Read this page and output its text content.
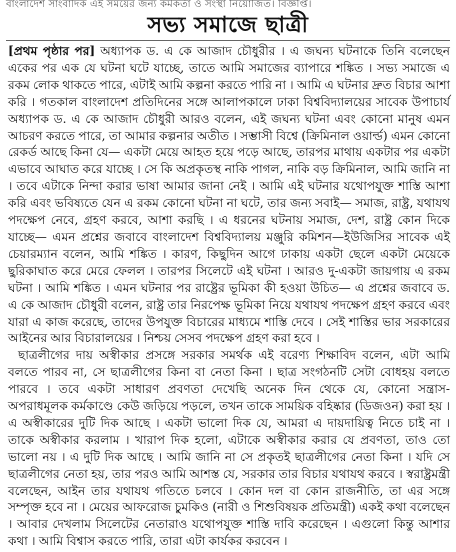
বাংলাদেশ সাংবাদিক এই সময়ের জন্য কর্মকর্তা ও সংস্থা নিয়োজিত। বিজ্ঞপ্তি।
সভ্য সমাজে ছাত্রী

[প্রথম পৃষ্ঠার পর] অধ্যাপক ড. এ কে আজাদ চৌধুরীর । এ জঘন্য ঘটনাকে তিনি বলেছেন একের পর এক যে ঘটনা ঘটে যাচ্ছে, তাতে আমি সমাজের ব্যাপারে শঙ্কিত । সভ্য সমাজে এ রকম লোক থাকতে পারে, এটাই আমি কল্পনা করতে পারি না । আমি এ ঘটনার দ্রুত বিচার আশা করি । গতকাল বাংলাদেশ প্রতিদিনের সঙ্গে আলাপকালে ঢাকা বিশ্ববিদ্যালয়ের সাবেক উপাচার্য অধ্যাপক ড. এ কে আজাদ চৌধুরী আরও বলেন, এই জঘন্য ঘটনা এবং কোনো মানুষ এমন আচরণ করতে পারে, তা আমার কল্পনার অতীত । সম্ভাসী বিশ্বে (ক্রিমিনাল ওয়ার্ল্ড) এমন কোনো রেকর্ড আছে কিনা যে— একটা মেয়ে আহত হয়ে পড়ে আছে, তারপর মাথায় একটার পর একটা এভাবে আঘাত করে যাচ্ছে । সে কি অপ্রকৃতস্থ নাকি পাগল, নাকি বড় ক্রিমিনাল, আমি জানি না । তবে এটাকে নিন্দা করার ভাষা আমার জানা নেই । আমি এই ঘটনার যথোপযুক্ত শাস্তি আশা করি এবং ভবিষ্যতে যেন এ রকম কোনো ঘটনা না ঘটে, তার জন্য সবাই— সমাজ, রাষ্ট্র, যথাযথ পদক্ষেপ নেবে, গ্রহণ করবে, আশা করছি । এ ধরনের ঘটনায় সমাজ, দেশ, রাষ্ট্র কোন দিকে যাচ্ছে— এমন প্রশ্নের জবাবে বাংলাদেশ বিশ্ববিদ্যালয় মঞ্জুরি কমিশন—ইউজিসির সাবেক এই চেয়ারম্যান বলেন, আমি শঙ্কিত । কারণ, কিছুদিন আগে ঢাকায় একটা ছেলে একটা মেয়েকে ছুরিকাঘাত করে মেরে ফেলল । তারপর সিলেটে এই ঘটনা । আরও দু-একটা জায়গায় এ রকম ঘটনা । আমি শঙ্কিত । এমন ঘটনার পর রাষ্ট্রের ভূমিকা কী হওয়া উচিত— এ প্রশ্নের জবাবে ড. এ কে আজাদ চৌধুরী বলেন, রাষ্ট্র তার নিরপেক্ষ ভূমিকা নিয়ে যথাযথ পদক্ষেপ গ্রহণ করবে এবং যারা এ কাজ করেছে, তাদের উপযুক্ত বিচারের মাধ্যমে শাস্তি দেবে । সেই শাস্তির ভার সরকারের আইনের আর বিচারালয়ের । নিশ্চয় সেসব পদক্ষেপ গ্রহণ করা হবে ।

ছাত্রলীগের দায় অস্বীকার প্রসঙ্গে সরকার সমর্থক এই বরেণ্য শিক্ষাবিদ বলেন, এটা আমি বলতে পারব না, সে ছাত্রলীগের কিনা বা নেতা কিনা । ছাত্র সংগঠনটি সেটা বোধহয় বলতে পারবে । তবে একটা সাধারণ প্রবণতা দেখেছি অনেক দিন থেকে যে, কোনো সন্ত্রাস-অপরাধমূলক কর্মকাণ্ডে কেউ জড়িয়ে পড়লে, তখন তাকে সাময়িক বহিষ্কার (ডিজওন) করা হয় । এ অস্বীকারের দুটি দিক আছে । একটা ভালো দিক যে, আমরা এ দায়দায়িত্ব নিতে চাই না । তাকে অস্বীকার করলাম । খারাপ দিক হলো, এটাকে অস্বীকার করার যে প্রবণতা, তাও তো ভালো নয় । এ দুটি দিক আছে । আমি জানি না সে প্রকৃতই ছাত্রলীগের নেতা কিনা । যদি সে ছাত্রলীগের নেতা হয়, তার পরও আমি আশস্ত যে, সরকার তার বিচার যথাযথ করবে । স্বরাষ্ট্রমন্ত্রী বলেছেন, আইন তার যথাযথ গতিতে চলবে । কোন দল বা কোন রাজনীতি, তা এর সঙ্গে সম্পৃক্ত হবে না । মেয়ের আফরোজ চুমকিও (নারী ও শিশুবিষয়ক প্রতিমন্ত্রী) একই কথা বলেছেন । আবার দেখলাম সিলেটের নেতারাও যথোপযুক্ত শাস্তি দাবি করেছেন । এগুলো কিন্তু আশার কথা । আমি বিশ্বাস করতে পারি, তারা এটা কার্যকর করবেন ।
